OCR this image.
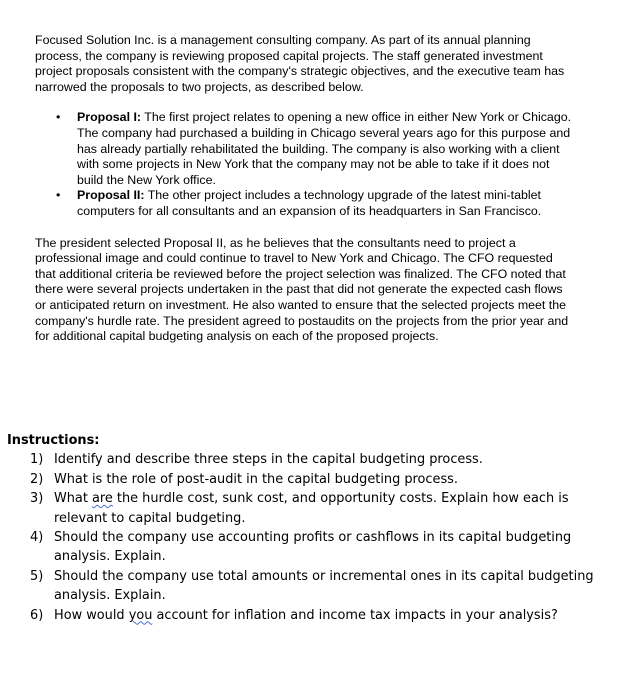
Focused Solution Inc. is a management consulting company. As part of its annual planning process, the company is reviewing proposed capital projects. The staff generated investment project proposals consistent with the company's strategic objectives, and the executive team has narrowed the proposals to two projects, as described below.

• Proposal I: The first project relates to opening a new office in either New York or Chicago. The company had purchased a building in Chicago several years ago for this purpose and has already partially rehabilitated the building. The company is also working with a client with some projects in New York that the company may not be able to take if it does not build the New York office.
• Proposal II: The other project includes a technology upgrade of the latest mini-tablet computers for all consultants and an expansion of its headquarters in San Francisco.

The president selected Proposal II, as he believes that the consultants need to project a professional image and could continue to travel to New York and Chicago. The CFO requested that additional criteria be reviewed before the project selection was finalized. The CFO noted that there were several projects undertaken in the past that did not generate the expected cash flows or anticipated return on investment. He also wanted to ensure that the selected projects meet the company's hurdle rate. The president agreed to postaudits on the projects from the prior year and for additional capital budgeting analysis on each of the proposed projects.

Instructions:

1) Identify and describe three steps in the capital budgeting process.
2) What is the role of post-audit in the capital budgeting process.
3) What are the hurdle cost, sunk cost, and opportunity costs. Explain how each is relevant to capital budgeting.
4) Should the company use accounting profits or cashflows in its capital budgeting analysis. Explain.
5) Should the company use total amounts or incremental ones in its capital budgeting analysis. Explain.
6) How would you account for inflation and income tax impacts in your analysis?
